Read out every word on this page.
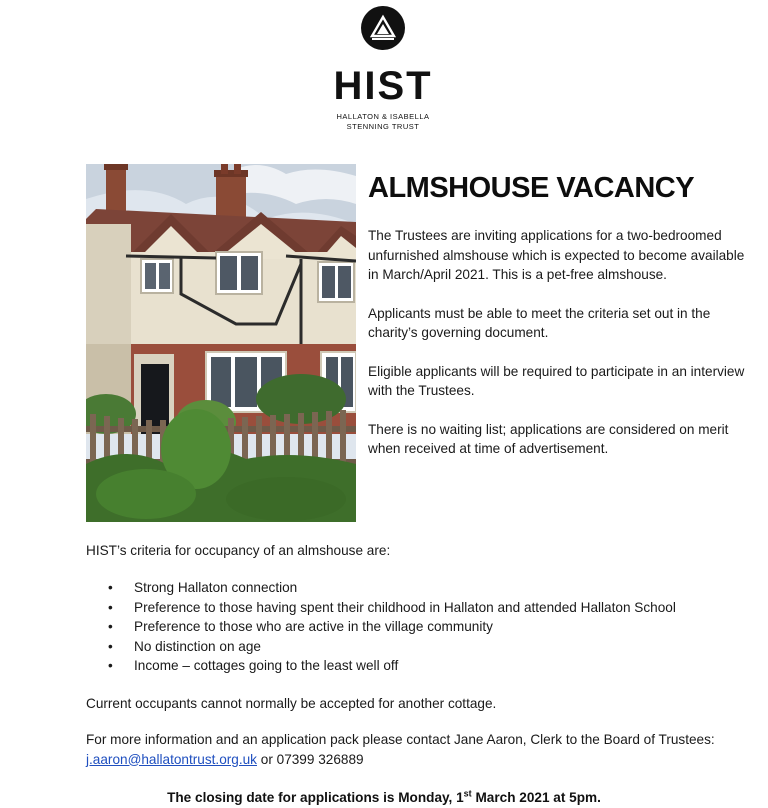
HIST
HALLATON & ISABELLA
STENNING TRUST
ALMSHOUSE VACANCY

The Trustees are inviting applications for a two-bedroomed unfurnished almshouse which is expected to become available in March/April 2021. This is a pet-free almshouse.

Applicants must be able to meet the criteria set out in the charity’s governing document.

Eligible applicants will be required to participate in an interview with the Trustees.

There is no waiting list; applications are considered on merit when received at time of advertisement.

HIST’s criteria for occupancy of an almshouse are:
• Strong Hallaton connection
• Preference to those having spent their childhood in Hallaton and attended Hallaton School
• Preference to those who are active in the village community
• No distinction on age
• Income – cottages going to the least well off
Current occupants cannot normally be accepted for another cottage.
For more information and an application pack please contact Jane Aaron, Clerk to the Board of Trustees:  j.aaron@hallatontrust.org.uk or 07399 326889
The closing date for applications is Monday, 1st March 2021 at 5pm.
